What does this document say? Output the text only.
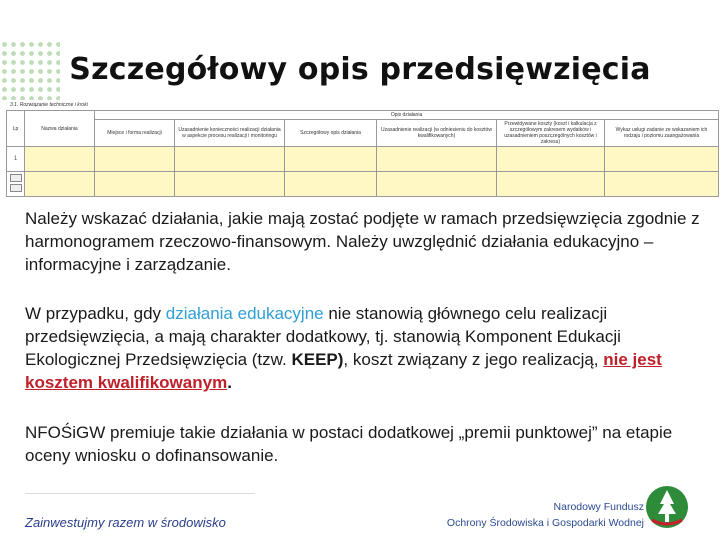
Szczegółowy opis przedsięwzięcia
3.1. Rozwiązanie techniczne i kroki
Lp	Nazwa działania	Opis działania					
		Miejsce i forma realizacji	Uzasadnienie konieczności realizacji działania w aspekcie procesu realizacji i monitoringu	Szczegółowy opis działania	Uzasadnienie realizacji (w odniesieniu do kosztów kwalifikowanych)	Przewidywane koszty (koszt i kalkulacja z szczegółowym zakresem wydatków i uzasadnieniem poszczególnych kosztów i zakresu)	Wykaz usługi zadanie ze wskazaniem ich rodzaju i poziomu zaangażowania
1							

Należy wskazać działania, jakie mają zostać podjęte w ramach przedsięwzięcia zgodnie z harmonogramem rzeczowo-finansowym. Należy uwzględnić działania edukacyjno – informacyjne i zarządzanie.
W przypadku, gdy działania edukacyjne nie stanowią głównego celu realizacji przedsięwzięcia, a mają charakter dodatkowy, tj. stanowią Komponent Edukacji Ekologicznej Przedsięwzięcia (tzw. KEEP), koszt związany z jego realizacją, nie jest kosztem kwalifikowanym.
NFOŚiGW premiuje takie działania w postaci dodatkowej „premii punktowej” na etapie oceny wniosku o dofinansowanie.
Zainwestujmy razem w środowisko
Narodowy Fundusz
Ochrony Środowiska i Gospodarki Wodnej
